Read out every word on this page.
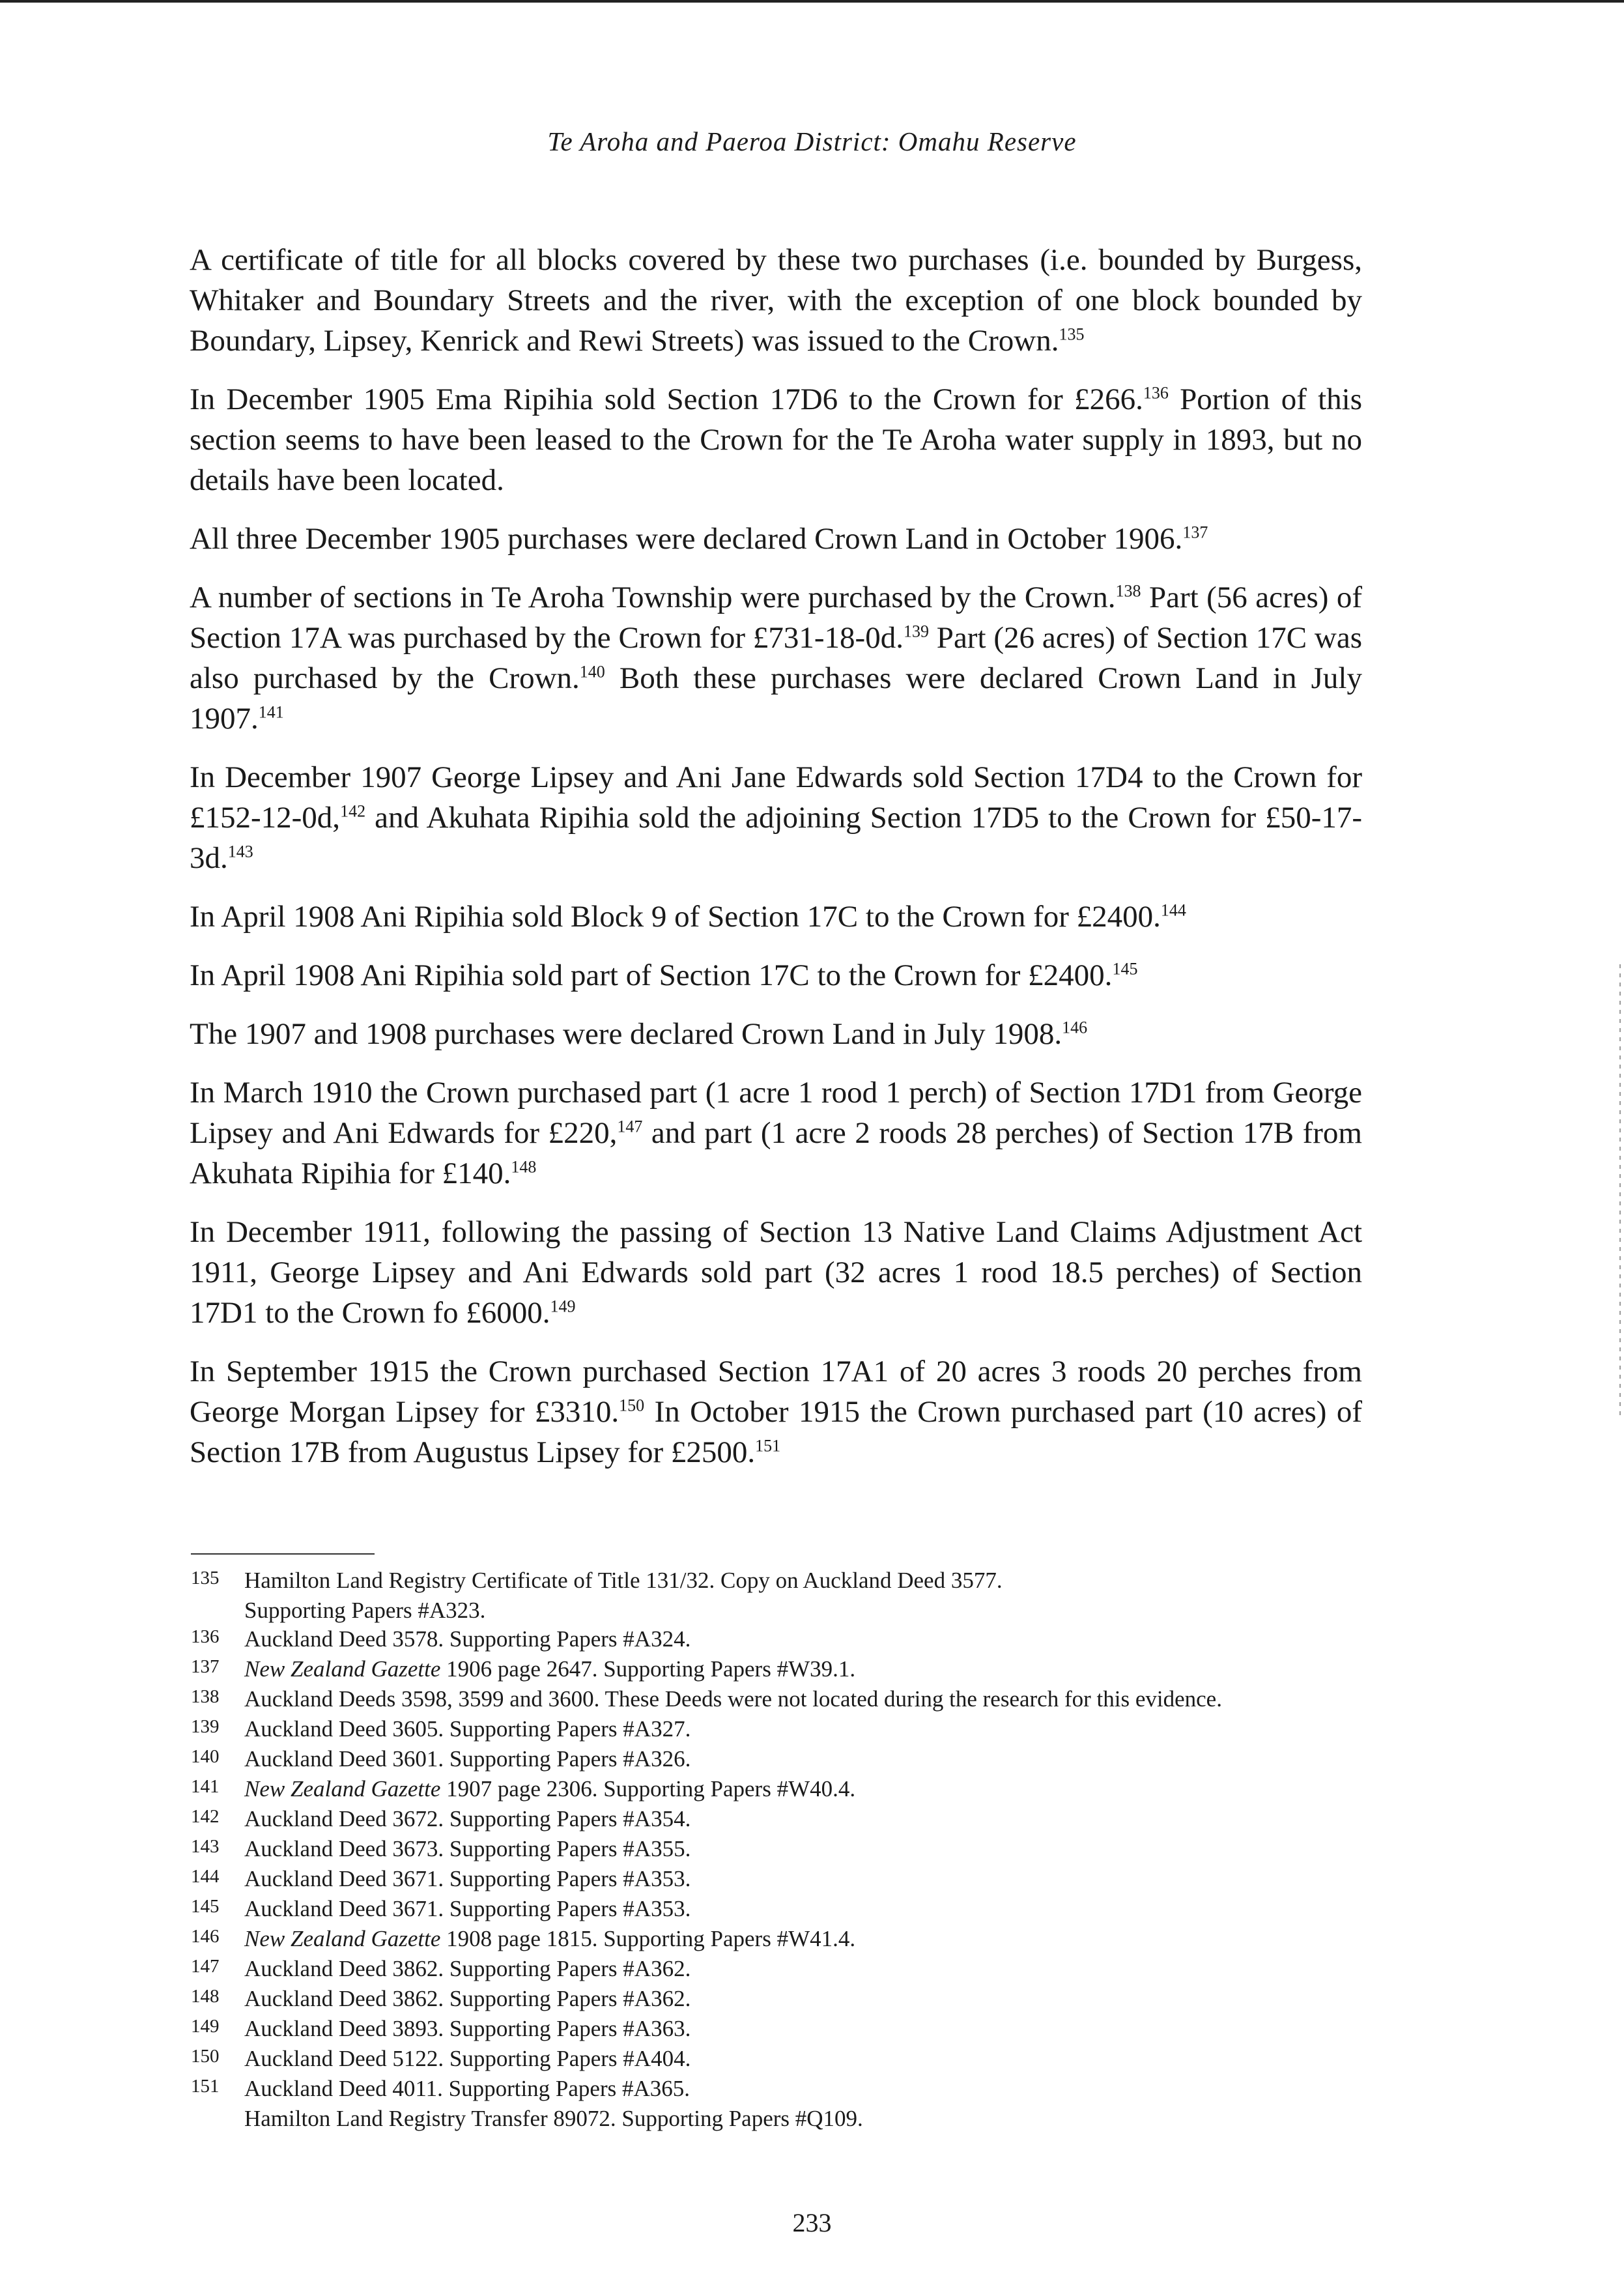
Te Aroha and Paeroa District: Omahu Reserve

A certificate of title for all blocks covered by these two purchases (i.e. bounded by Burgess, Whitaker and Boundary Streets and the river, with the exception of one block bounded by Boundary, Lipsey, Kenrick and Rewi Streets) was issued to the Crown.$^{135}$

In December 1905 Ema Ripihia sold Section 17D6 to the Crown for £266.$^{136}$ Portion of this section seems to have been leased to the Crown for the Te Aroha water supply in 1893, but no details have been located.

All three December 1905 purchases were declared Crown Land in October 1906.$^{137}$

A number of sections in Te Aroha Township were purchased by the Crown.$^{138}$ Part (56 acres) of Section 17A was purchased by the Crown for £731-18-0d.$^{139}$ Part (26 acres) of Section 17C was also purchased by the Crown.$^{140}$ Both these purchases were declared Crown Land in July 1907.$^{141}$

In December 1907 George Lipsey and Ani Jane Edwards sold Section 17D4 to the Crown for £152-12-0d,$^{142}$ and Akuhata Ripihia sold the adjoining Section 17D5 to the Crown for £50-17-3d.$^{143}$

In April 1908 Ani Ripihia sold Block 9 of Section 17C to the Crown for £2400.$^{144}$

In April 1908 Ani Ripihia sold part of Section 17C to the Crown for £2400.$^{145}$

The 1907 and 1908 purchases were declared Crown Land in July 1908.$^{146}$

In March 1910 the Crown purchased part (1 acre 1 rood 1 perch) of Section 17D1 from George Lipsey and Ani Edwards for £220,$^{147}$ and part (1 acre 2 roods 28 perches) of Section 17B from Akuhata Ripihia for £140.$^{148}$

In December 1911, following the passing of Section 13 Native Land Claims Adjustment Act 1911, George Lipsey and Ani Edwards sold part (32 acres 1 rood 18.5 perches) of Section 17D1 to the Crown fo £6000.$^{149}$

In September 1915 the Crown purchased Section 17A1 of 20 acres 3 roods 20 perches from George Morgan Lipsey for £3310.$^{150}$ In October 1915 the Crown purchased part (10 acres) of Section 17B from Augustus Lipsey for £2500.$^{151}$

135	Hamilton Land Registry Certificate of Title 131/32. Copy on Auckland Deed 3577.
Supporting Papers #A323.
136	Auckland Deed 3578. Supporting Papers #A324.
137	New Zealand Gazette 1906 page 2647. Supporting Papers #W39.1.
138	Auckland Deeds 3598, 3599 and 3600. These Deeds were not located during the research for this evidence.
139	Auckland Deed 3605. Supporting Papers #A327.
140	Auckland Deed 3601. Supporting Papers #A326.
141	New Zealand Gazette 1907 page 2306. Supporting Papers #W40.4.
142	Auckland Deed 3672. Supporting Papers #A354.
143	Auckland Deed 3673. Supporting Papers #A355.
144	Auckland Deed 3671. Supporting Papers #A353.
145	Auckland Deed 3671. Supporting Papers #A353.
146	New Zealand Gazette 1908 page 1815. Supporting Papers #W41.4.
147	Auckland Deed 3862. Supporting Papers #A362.
148	Auckland Deed 3862. Supporting Papers #A362.
149	Auckland Deed 3893. Supporting Papers #A363.
150	Auckland Deed 5122. Supporting Papers #A404.
151	Auckland Deed 4011. Supporting Papers #A365.
Hamilton Land Registry Transfer 89072. Supporting Papers #Q109.
233
